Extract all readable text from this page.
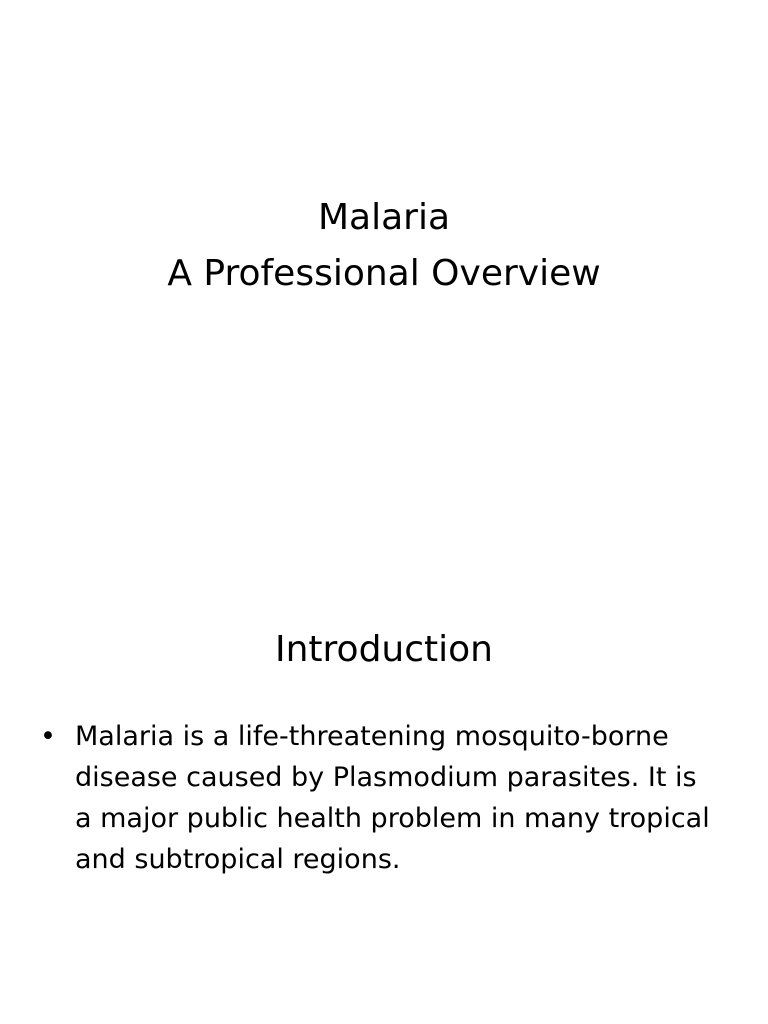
Malaria
A Professional Overview
Introduction
• Malaria is a life-threatening mosquito-borne disease caused by Plasmodium parasites. It is a major public health problem in many tropical and subtropical regions.
